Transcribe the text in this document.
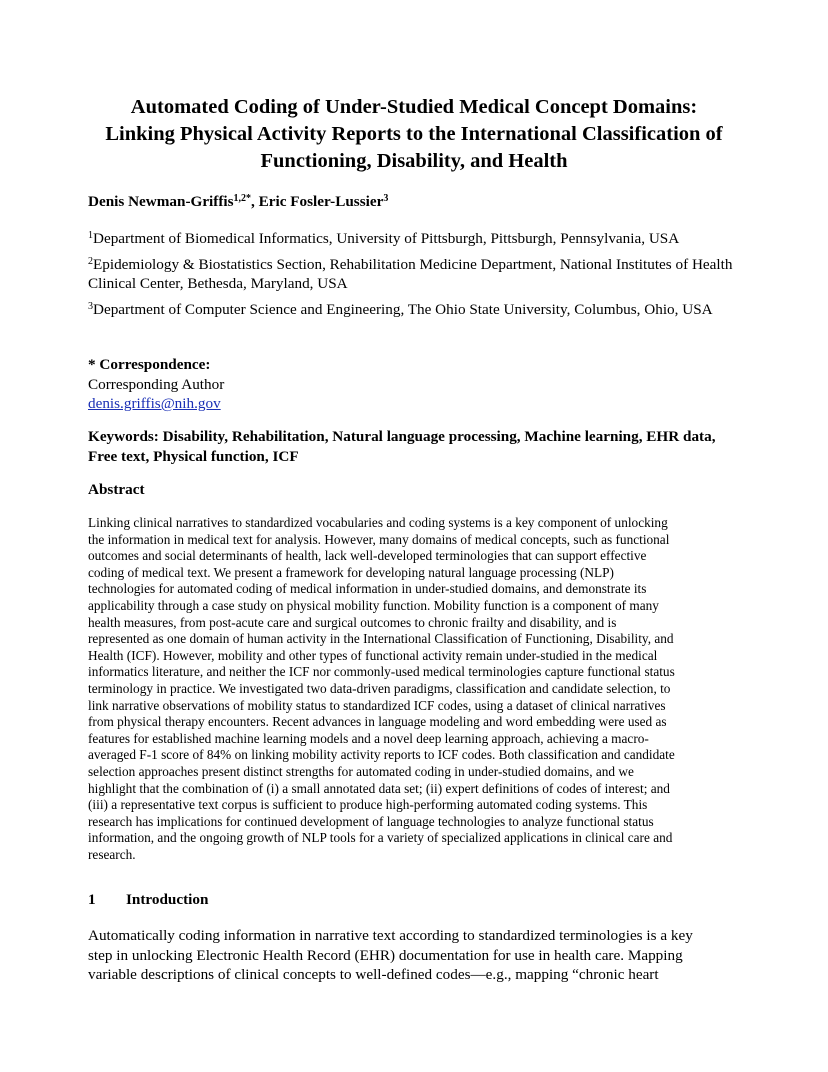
Automated Coding of Under-Studied Medical Concept Domains:
Linking Physical Activity Reports to the International Classification of
Functioning, Disability, and Health
Denis Newman-Griffis$^{1,2*}$, Eric Fosler-Lussier$^3$
$^1$Department of Biomedical Informatics, University of Pittsburgh, Pittsburgh, Pennsylvania, USA
$^2$Epidemiology & Biostatistics Section, Rehabilitation Medicine Department, National Institutes of Health Clinical Center, Bethesda, Maryland, USA
$^3$Department of Computer Science and Engineering, The Ohio State University, Columbus, Ohio, USA
* Correspondence:
Corresponding Author
denis.griffis@nih.gov
Keywords: Disability, Rehabilitation, Natural language processing, Machine learning, EHR data, Free text, Physical function, ICF
Abstract
Linking clinical narratives to standardized vocabularies and coding systems is a key component of unlocking
the information in medical text for analysis. However, many domains of medical concepts, such as functional
outcomes and social determinants of health, lack well-developed terminologies that can support effective
coding of medical text. We present a framework for developing natural language processing (NLP)
technologies for automated coding of medical information in under-studied domains, and demonstrate its
applicability through a case study on physical mobility function. Mobility function is a component of many
health measures, from post-acute care and surgical outcomes to chronic frailty and disability, and is
represented as one domain of human activity in the International Classification of Functioning, Disability, and
Health (ICF). However, mobility and other types of functional activity remain under-studied in the medical
informatics literature, and neither the ICF nor commonly-used medical terminologies capture functional status
terminology in practice. We investigated two data-driven paradigms, classification and candidate selection, to
link narrative observations of mobility status to standardized ICF codes, using a dataset of clinical narratives
from physical therapy encounters. Recent advances in language modeling and word embedding were used as
features for established machine learning models and a novel deep learning approach, achieving a macro-
averaged F-1 score of 84% on linking mobility activity reports to ICF codes. Both classification and candidate
selection approaches present distinct strengths for automated coding in under-studied domains, and we
highlight that the combination of (i) a small annotated data set; (ii) expert definitions of codes of interest; and
(iii) a representative text corpus is sufficient to produce high-performing automated coding systems. This
research has implications for continued development of language technologies to analyze functional status
information, and the ongoing growth of NLP tools for a variety of specialized applications in clinical care and
research.
1 Introduction
Automatically coding information in narrative text according to standardized terminologies is a key
step in unlocking Electronic Health Record (EHR) documentation for use in health care. Mapping
variable descriptions of clinical concepts to well-defined codes—e.g., mapping “chronic heart
